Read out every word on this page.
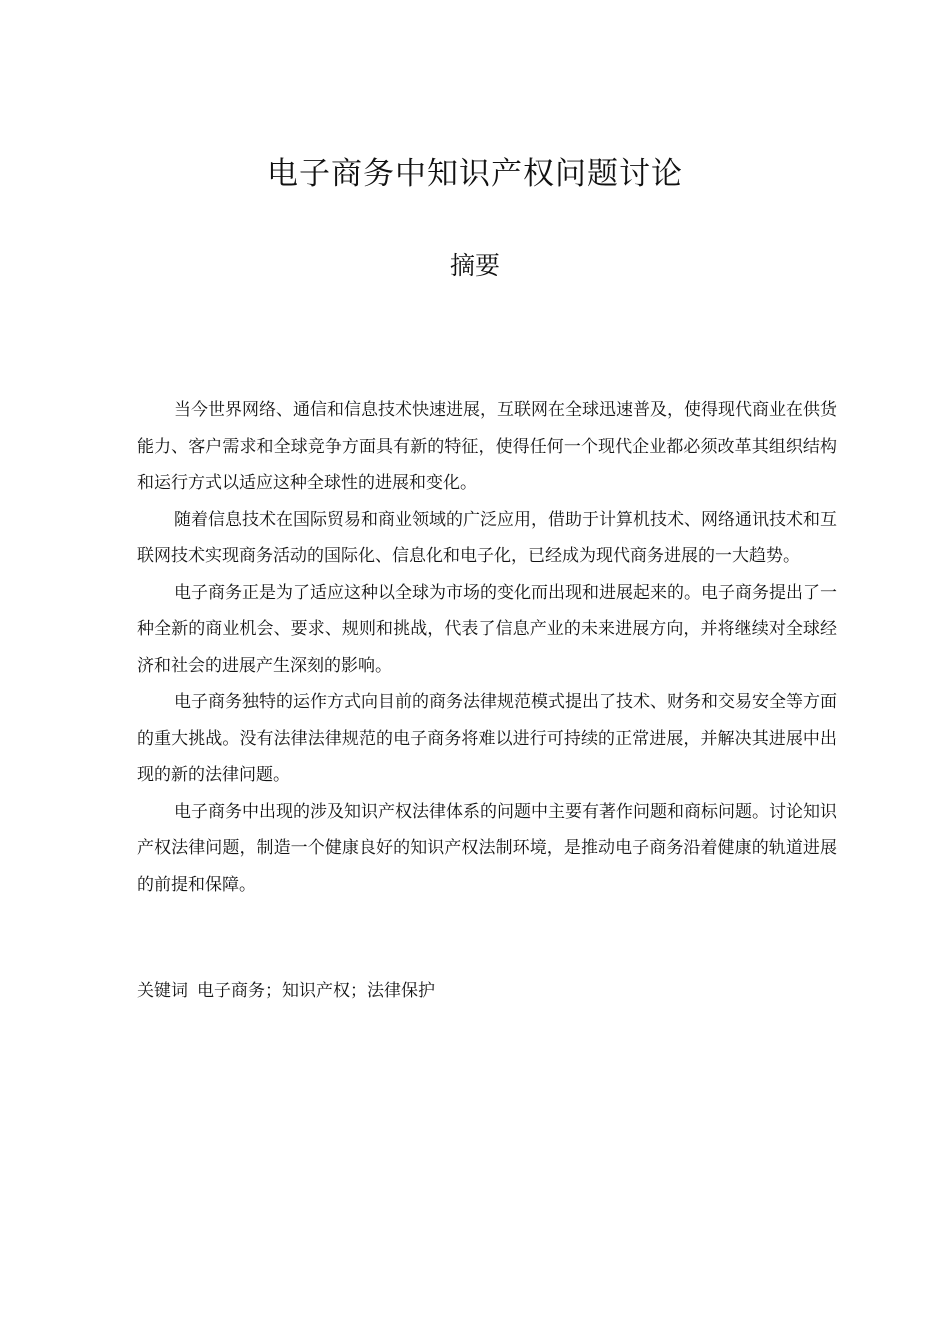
电子商务中知识产权问题讨论
摘要

当今世界网络、通信和信息技术快速进展，互联网在全球迅速普及，使得现代商业在供货能力、客户需求和全球竞争方面具有新的特征，使得任何一个现代企业都必须改革其组织结构和运行方式以适应这种全球性的进展和变化。

随着信息技术在国际贸易和商业领域的广泛应用，借助于计算机技术、网络通讯技术和互联网技术实现商务活动的国际化、信息化和电子化，已经成为现代商务进展的一大趋势。

电子商务正是为了适应这种以全球为市场的变化而出现和进展起来的。电子商务提出了一种全新的商业机会、要求、规则和挑战，代表了信息产业的未来进展方向，并将继续对全球经济和社会的进展产生深刻的影响。

电子商务独特的运作方式向目前的商务法律规范模式提出了技术、财务和交易安全等方面的重大挑战。没有法律法律规范的电子商务将难以进行可持续的正常进展，并解决其进展中出现的新的法律问题。

电子商务中出现的涉及知识产权法律体系的问题中主要有著作问题和商标问题。讨论知识产权法律问题，制造一个健康良好的知识产权法制环境，是推动电子商务沿着健康的轨道进展的前提和保障。

关键词 电子商务；知识产权；法律保护
